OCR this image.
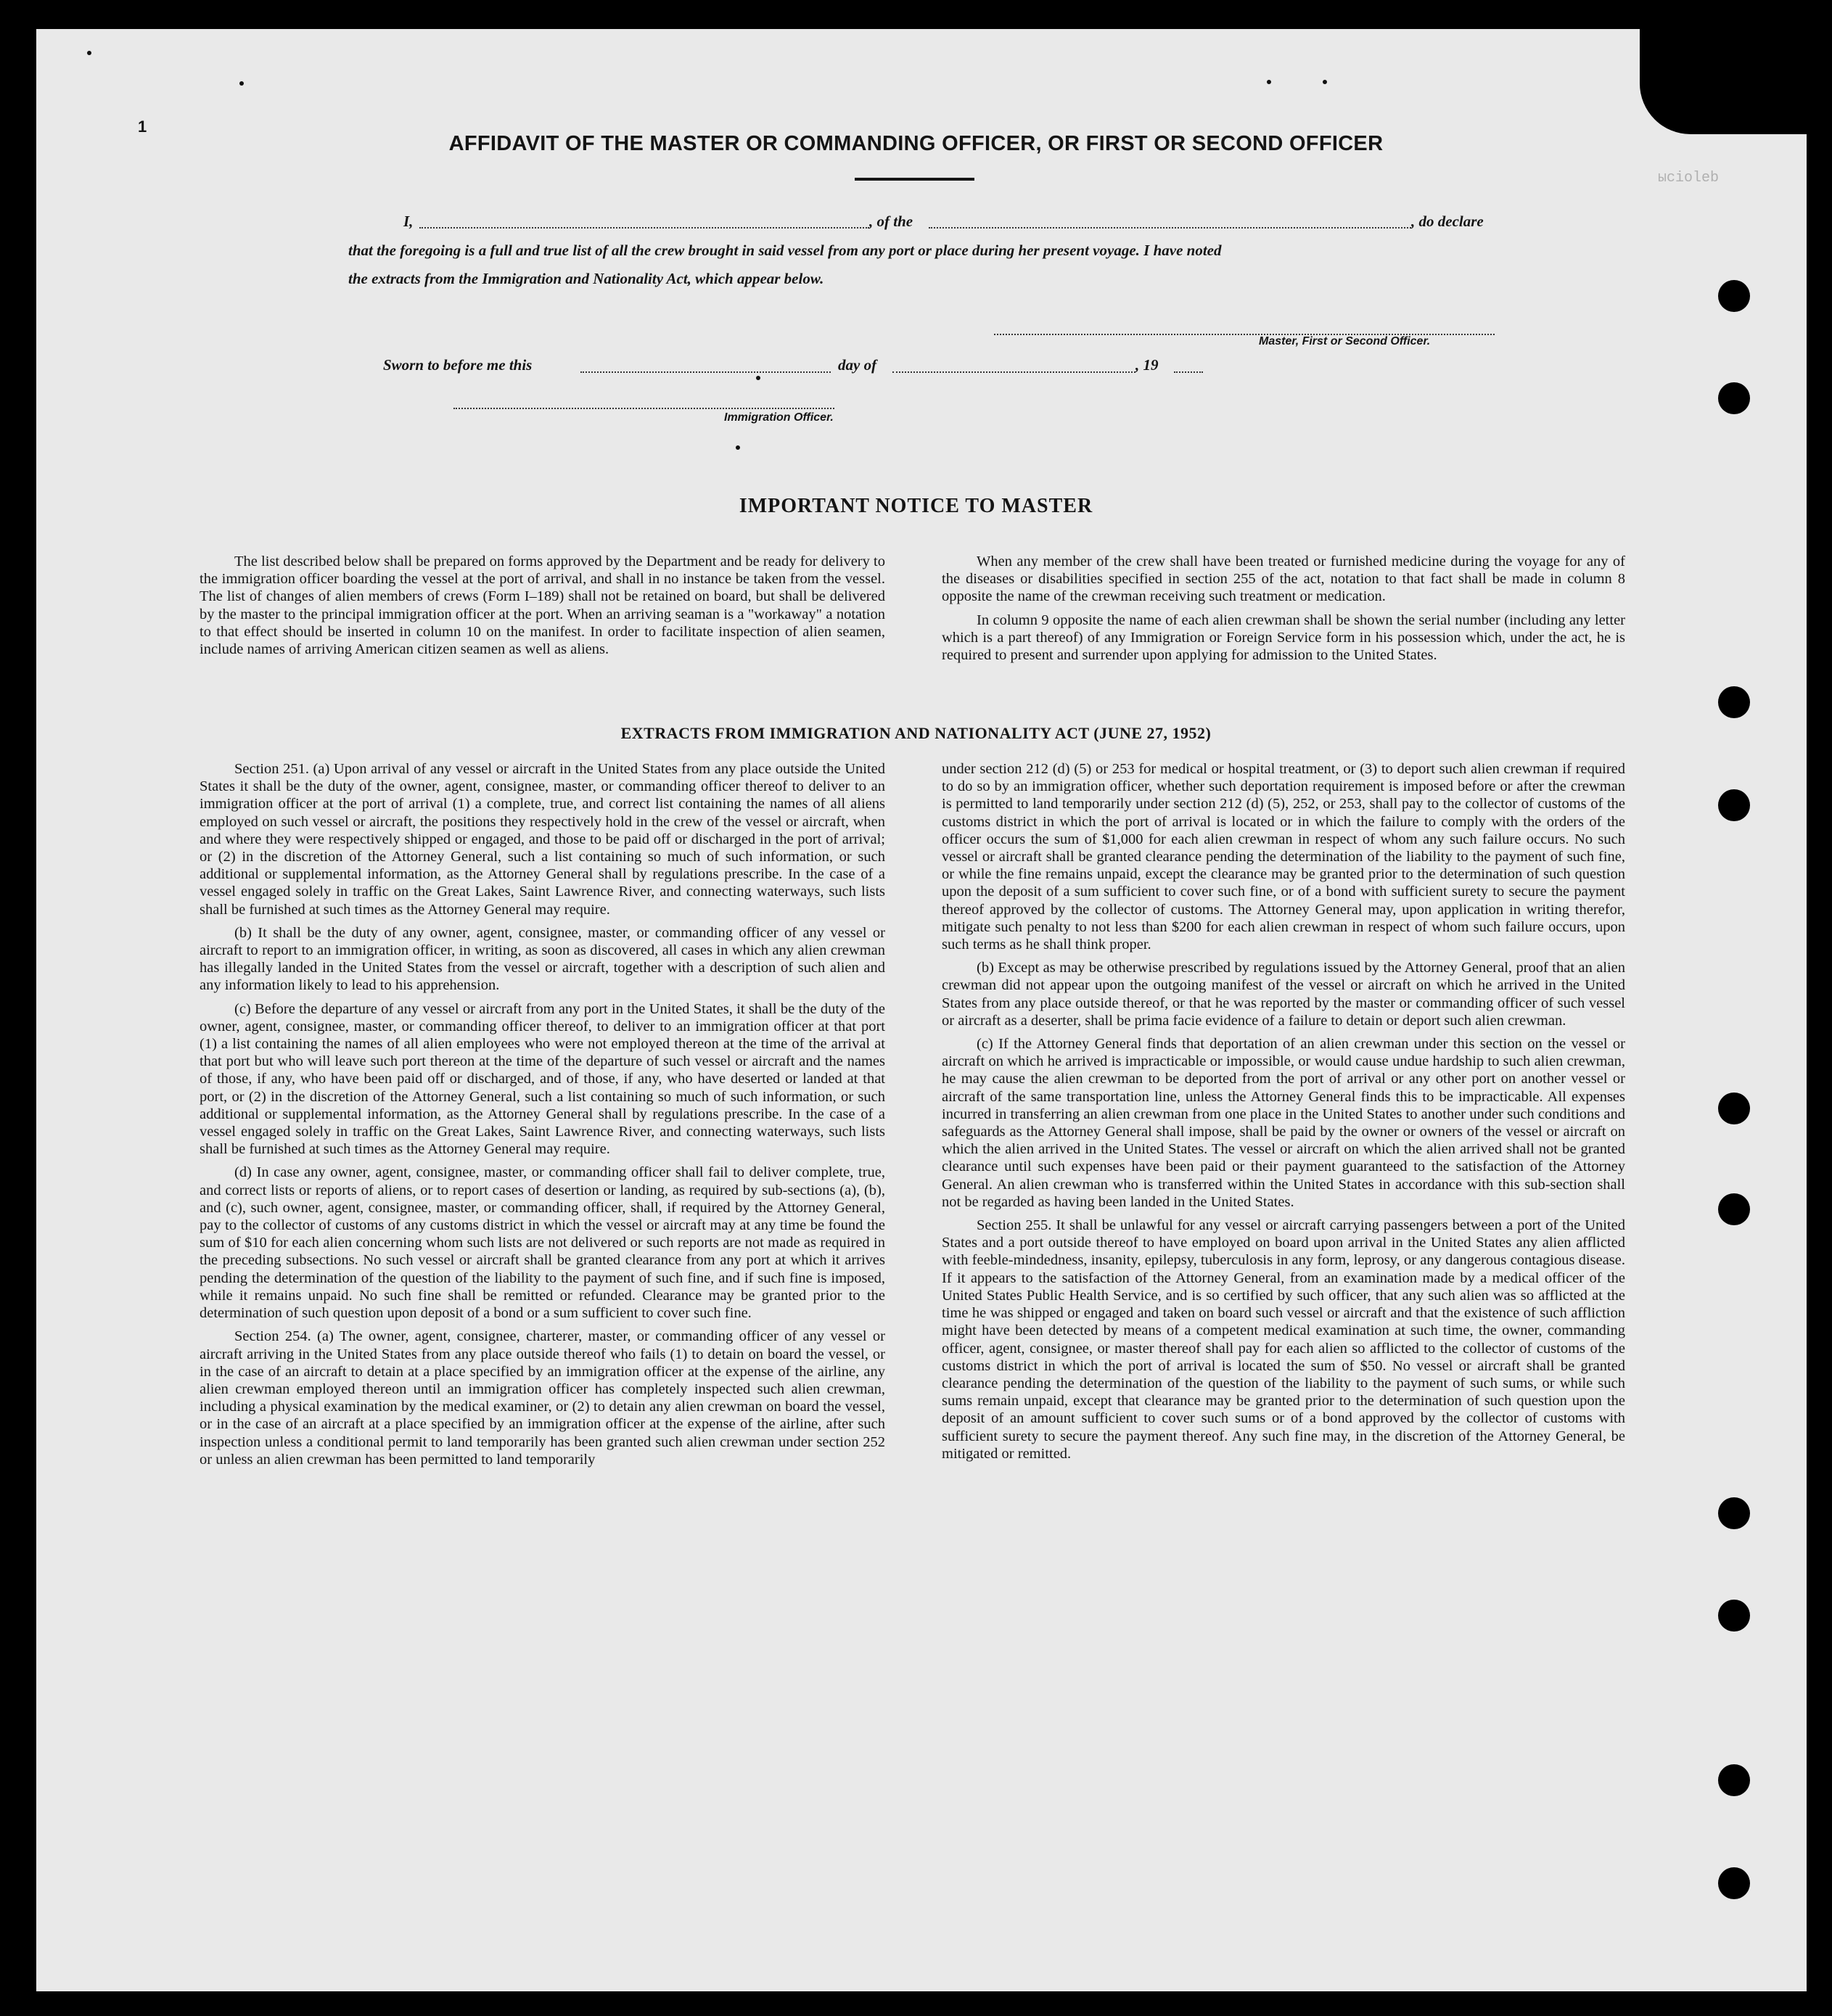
ыcioleb
1
AFFIDAVIT OF THE MASTER OR COMMANDING OFFICER, OR FIRST OR SECOND OFFICER
I,	, of the	, do declare
that the foregoing is a full and true list of all the crew brought in said vessel from any port or place during her present voyage. I have noted
the extracts from the Immigration and Nationality Act, which appear below.
Master, First or Second Officer.
Sworn to before me this	day of	, 19
Immigration Officer.
IMPORTANT NOTICE TO MASTER

The list described below shall be prepared on forms approved by the Department and be ready for delivery to the immigration officer boarding the vessel at the port of arrival, and shall in no instance be taken from the vessel. The list of changes of alien members of crews (Form I–189) shall not be retained on board, but shall be delivered by the master to the principal immigration officer at the port. When an arriving seaman is a "workaway" a notation to that effect should be inserted in column 10 on the manifest. In order to facilitate inspection of alien seamen, include names of arriving American citizen seamen as well as aliens.

When any member of the crew shall have been treated or furnished medicine during the voyage for any of the diseases or disabilities specified in section 255 of the act, notation to that fact shall be made in column 8 opposite the name of the crewman receiving such treatment or medication.

In column 9 opposite the name of each alien crewman shall be shown the serial number (including any letter which is a part thereof) of any Immigration or Foreign Service form in his possession which, under the act, he is required to present and surrender upon applying for admission to the United States.

EXTRACTS FROM IMMIGRATION AND NATIONALITY ACT (JUNE 27, 1952)

Section 251. (a) Upon arrival of any vessel or aircraft in the United States from any place outside the United States it shall be the duty of the owner, agent, consignee, master, or commanding officer thereof to deliver to an immigration officer at the port of arrival (1) a complete, true, and correct list containing the names of all aliens employed on such vessel or aircraft, the positions they respectively hold in the crew of the vessel or aircraft, when and where they were respectively shipped or engaged, and those to be paid off or discharged in the port of arrival; or (2) in the discretion of the Attorney General, such a list containing so much of such information, or such additional or supplemental information, as the Attorney General shall by regulations prescribe. In the case of a vessel engaged solely in traffic on the Great Lakes, Saint Lawrence River, and connecting waterways, such lists shall be furnished at such times as the Attorney General may require.

(b) It shall be the duty of any owner, agent, consignee, master, or commanding officer of any vessel or aircraft to report to an immigration officer, in writing, as soon as discovered, all cases in which any alien crewman has illegally landed in the United States from the vessel or aircraft, together with a description of such alien and any information likely to lead to his apprehension.

(c) Before the departure of any vessel or aircraft from any port in the United States, it shall be the duty of the owner, agent, consignee, master, or commanding officer thereof, to deliver to an immigration officer at that port (1) a list containing the names of all alien employees who were not employed thereon at the time of the arrival at that port but who will leave such port thereon at the time of the departure of such vessel or aircraft and the names of those, if any, who have been paid off or discharged, and of those, if any, who have deserted or landed at that port, or (2) in the discretion of the Attorney General, such a list containing so much of such information, or such additional or supplemental information, as the Attorney General shall by regulations prescribe. In the case of a vessel engaged solely in traffic on the Great Lakes, Saint Lawrence River, and connecting waterways, such lists shall be furnished at such times as the Attorney General may require.

(d) In case any owner, agent, consignee, master, or commanding officer shall fail to deliver complete, true, and correct lists or reports of aliens, or to report cases of desertion or landing, as required by sub-sections (a), (b), and (c), such owner, agent, consignee, master, or commanding officer, shall, if required by the Attorney General, pay to the collector of customs of any customs district in which the vessel or aircraft may at any time be found the sum of $10 for each alien concerning whom such lists are not delivered or such reports are not made as required in the preceding subsections. No such vessel or aircraft shall be granted clearance from any port at which it arrives pending the determination of the question of the liability to the payment of such fine, and if such fine is imposed, while it remains unpaid. No such fine shall be remitted or refunded. Clearance may be granted prior to the determination of such question upon deposit of a bond or a sum sufficient to cover such fine.

Section 254. (a) The owner, agent, consignee, charterer, master, or commanding officer of any vessel or aircraft arriving in the United States from any place outside thereof who fails (1) to detain on board the vessel, or in the case of an aircraft to detain at a place specified by an immigration officer at the expense of the airline, any alien crewman employed thereon until an immigration officer has completely inspected such alien crewman, including a physical examination by the medical examiner, or (2) to detain any alien crewman on board the vessel, or in the case of an aircraft at a place specified by an immigration officer at the expense of the airline, after such inspection unless a conditional permit to land temporarily has been granted such alien crewman under section 252 or unless an alien crewman has been permitted to land temporarily

under section 212 (d) (5) or 253 for medical or hospital treatment, or (3) to deport such alien crewman if required to do so by an immigration officer, whether such deportation requirement is imposed before or after the crewman is permitted to land temporarily under section 212 (d) (5), 252, or 253, shall pay to the collector of customs of the customs district in which the port of arrival is located or in which the failure to comply with the orders of the officer occurs the sum of $1,000 for each alien crewman in respect of whom any such failure occurs. No such vessel or aircraft shall be granted clearance pending the determination of the liability to the payment of such fine, or while the fine remains unpaid, except the clearance may be granted prior to the determination of such question upon the deposit of a sum sufficient to cover such fine, or of a bond with sufficient surety to secure the payment thereof approved by the collector of customs. The Attorney General may, upon application in writing therefor, mitigate such penalty to not less than $200 for each alien crewman in respect of whom such failure occurs, upon such terms as he shall think proper.

(b) Except as may be otherwise prescribed by regulations issued by the Attorney General, proof that an alien crewman did not appear upon the outgoing manifest of the vessel or aircraft on which he arrived in the United States from any place outside thereof, or that he was reported by the master or commanding officer of such vessel or aircraft as a deserter, shall be prima facie evidence of a failure to detain or deport such alien crewman.

(c) If the Attorney General finds that deportation of an alien crewman under this section on the vessel or aircraft on which he arrived is impracticable or impossible, or would cause undue hardship to such alien crewman, he may cause the alien crewman to be deported from the port of arrival or any other port on another vessel or aircraft of the same transportation line, unless the Attorney General finds this to be impracticable. All expenses incurred in transferring an alien crewman from one place in the United States to another under such conditions and safeguards as the Attorney General shall impose, shall be paid by the owner or owners of the vessel or aircraft on which the alien arrived in the United States. The vessel or aircraft on which the alien arrived shall not be granted clearance until such expenses have been paid or their payment guaranteed to the satisfaction of the Attorney General. An alien crewman who is transferred within the United States in accordance with this sub-section shall not be regarded as having been landed in the United States.

Section 255. It shall be unlawful for any vessel or aircraft carrying passengers between a port of the United States and a port outside thereof to have employed on board upon arrival in the United States any alien afflicted with feeble-mindedness, insanity, epilepsy, tuberculosis in any form, leprosy, or any dangerous contagious disease. If it appears to the satisfaction of the Attorney General, from an examination made by a medical officer of the United States Public Health Service, and is so certified by such officer, that any such alien was so afflicted at the time he was shipped or engaged and taken on board such vessel or aircraft and that the existence of such affliction might have been detected by means of a competent medical examination at such time, the owner, commanding officer, agent, consignee, or master thereof shall pay for each alien so afflicted to the collector of customs of the customs district in which the port of arrival is located the sum of $50. No vessel or aircraft shall be granted clearance pending the determination of the question of the liability to the payment of such sums, or while such sums remain unpaid, except that clearance may be granted prior to the determination of such question upon the deposit of an amount sufficient to cover such sums or of a bond approved by the collector of customs with sufficient surety to secure the payment thereof. Any such fine may, in the discretion of the Attorney General, be mitigated or remitted.
